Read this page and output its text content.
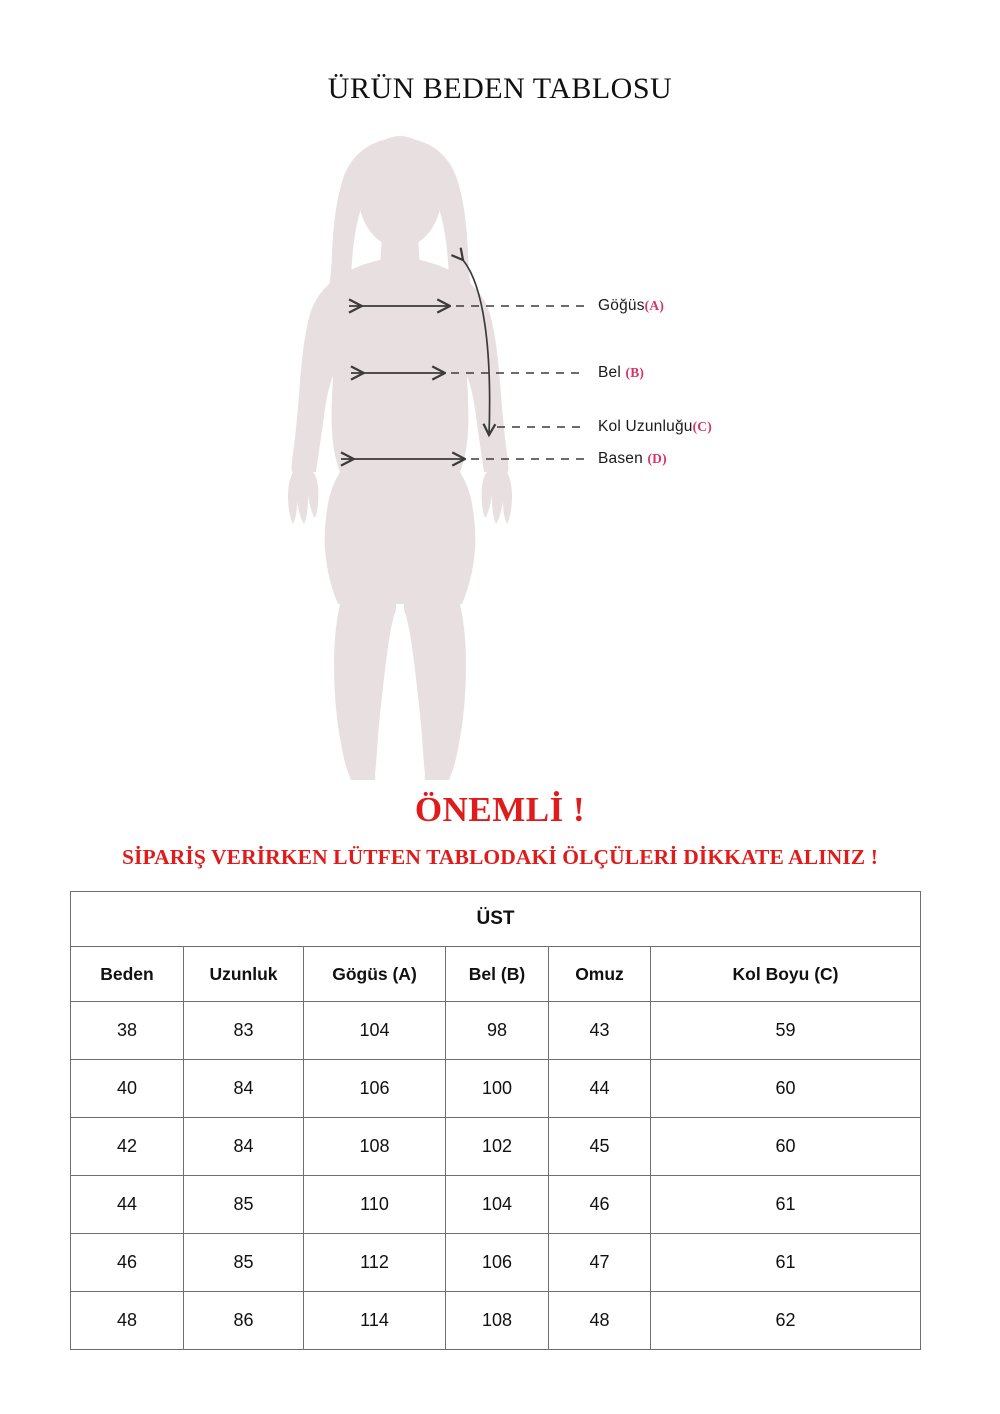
ÜRÜN BEDEN TABLOSU
Göğüs(A)
Bel (B)
Kol Uzunluğu(C)
Basen (D)
ÖNEMLİ !
SİPARİŞ VERİRKEN LÜTFEN TABLODAKİ ÖLÇÜLERİ DİKKATE ALINIZ !
ÜST					
Beden	Uzunluk	Gögüs (A)	Bel (B)	Omuz	Kol Boyu (C)
38	83	104	98	43	59
40	84	106	100	44	60
42	84	108	102	45	60
44	85	110	104	46	61
46	85	112	106	47	61
48	86	114	108	48	62
